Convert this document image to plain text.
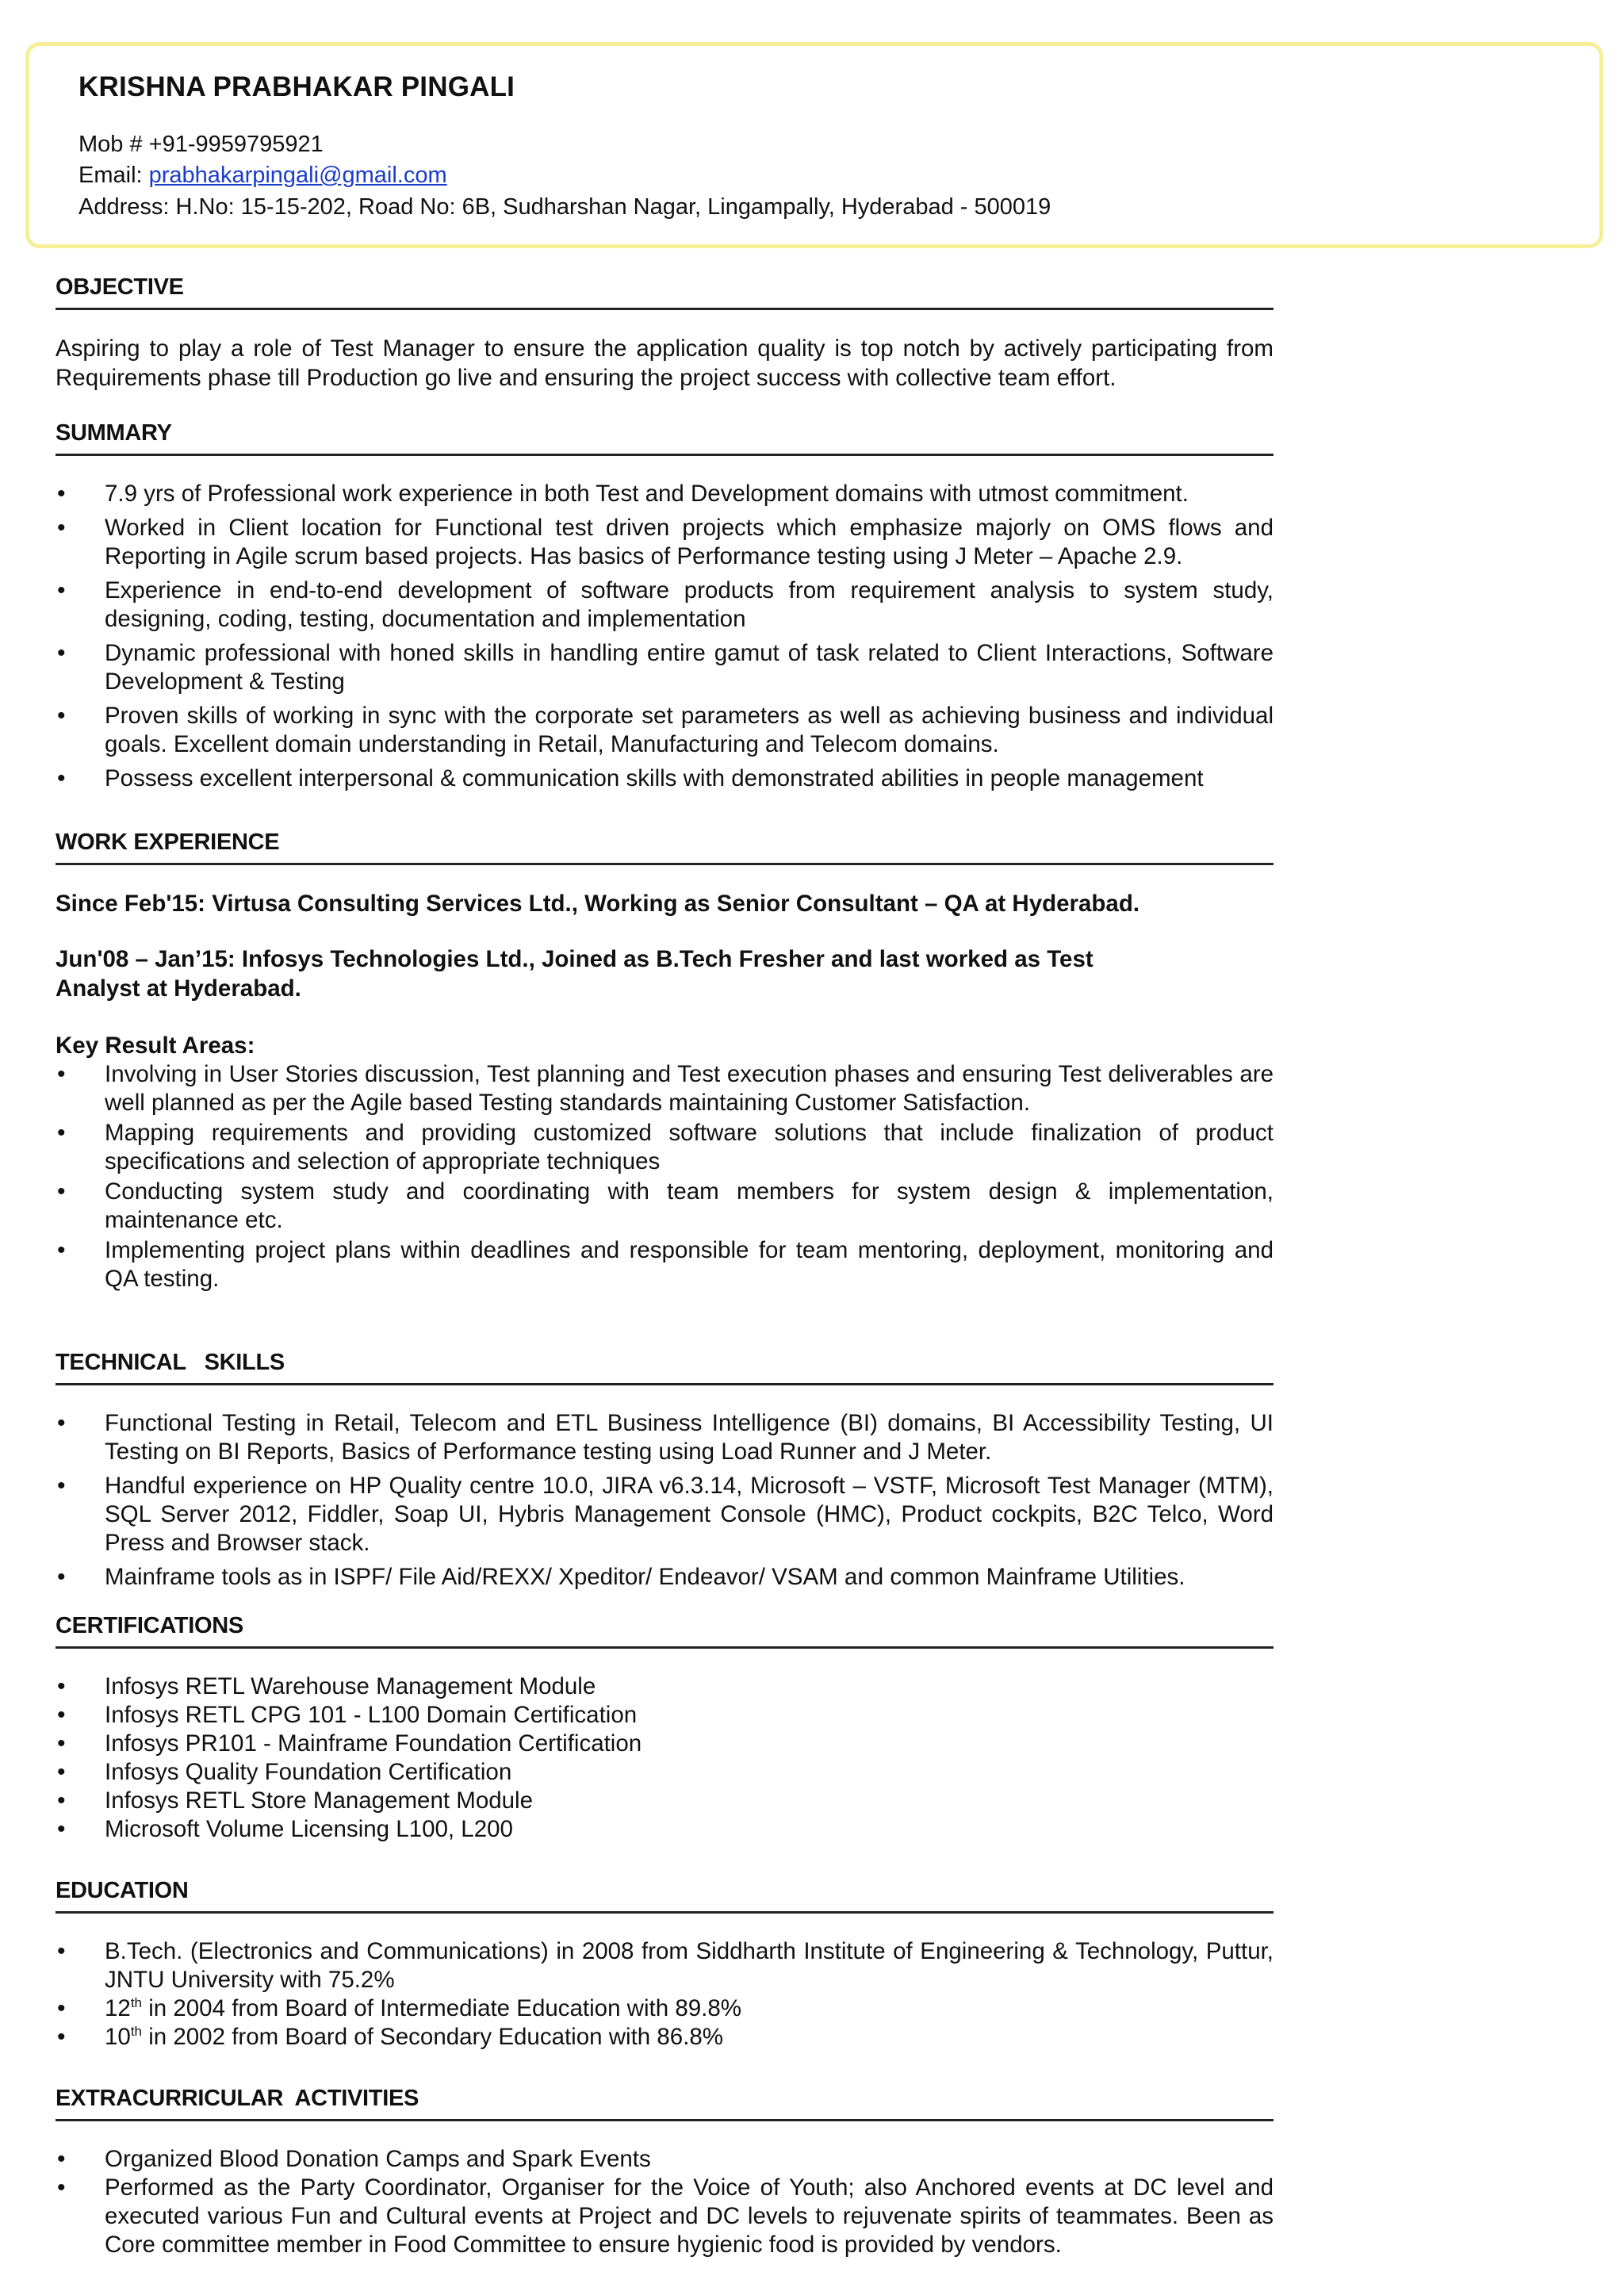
KRISHNA PRABHAKAR PINGALI
Mob # +91-9959795921
Email: prabhakarpingali@gmail.com
Address: H.No: 15-15-202, Road No: 6B, Sudharshan Nagar, Lingampally, Hyderabad - 500019
OBJECTIVE

Aspiring to play a role of Test Manager to ensure the application quality is top notch by actively participating from Requirements phase till Production go live and ensuring the project success with collective team effort.

SUMMARY
• 7.9 yrs of Professional work experience in both Test and Development domains with utmost commitment.
• Worked in Client location for Functional test driven projects which emphasize majorly on OMS flows and Reporting in Agile scrum based projects. Has basics of Performance testing using J Meter – Apache 2.9.
• Experience in end-to-end development of software products from requirement analysis to system study, designing, coding, testing, documentation and implementation
• Dynamic professional with honed skills in handling entire gamut of task related to Client Interactions, Software Development & Testing
• Proven skills of working in sync with the corporate set parameters as well as achieving business and individual goals. Excellent domain understanding in Retail, Manufacturing and Telecom domains.
• Possess excellent interpersonal & communication skills with demonstrated abilities in people management
WORK EXPERIENCE

Since Feb'15: Virtusa Consulting Services Ltd., Working as Senior Consultant – QA at Hyderabad.

Jun'08 – Jan’15: Infosys Technologies Ltd., Joined as B.Tech Fresher and last worked as Test Analyst at Hyderabad.

Key Result Areas:

• Involving in User Stories discussion, Test planning and Test execution phases and ensuring Test deliverables are well planned as per the Agile based Testing standards maintaining Customer Satisfaction.
• Mapping requirements and providing customized software solutions that include finalization of product specifications and selection of appropriate techniques
• Conducting system study and coordinating with team members for system design & implementation, maintenance etc.
• Implementing project plans within deadlines and responsible for team mentoring, deployment, monitoring and QA testing.
TECHNICAL   SKILLS
• Functional Testing in Retail, Telecom and ETL Business Intelligence (BI) domains, BI Accessibility Testing, UI Testing on BI Reports, Basics of Performance testing using Load Runner and J Meter.
• Handful experience on HP Quality centre 10.0, JIRA v6.3.14, Microsoft – VSTF, Microsoft Test Manager (MTM), SQL Server 2012, Fiddler, Soap UI, Hybris Management Console (HMC), Product cockpits, B2C Telco, Word Press and Browser stack.
• Mainframe tools as in ISPF/ File Aid/REXX/ Xpeditor/ Endeavor/ VSAM and common Mainframe Utilities.
CERTIFICATIONS
• Infosys RETL Warehouse Management Module
• Infosys RETL CPG 101 - L100 Domain Certification
• Infosys PR101 - Mainframe Foundation Certification
• Infosys Quality Foundation Certification
• Infosys RETL Store Management Module
• Microsoft Volume Licensing L100, L200
EDUCATION
• B.Tech. (Electronics and Communications) in 2008 from Siddharth Institute of Engineering & Technology, Puttur, JNTU University with 75.2%
• 12th in 2004 from Board of Intermediate Education with 89.8%
• 10th in 2002 from Board of Secondary Education with 86.8%
EXTRACURRICULAR  ACTIVITIES
• Organized Blood Donation Camps and Spark Events
• Performed as the Party Coordinator, Organiser for the Voice of Youth; also Anchored events at DC level and executed various Fun and Cultural events at Project and DC levels to rejuvenate spirits of teammates. Been as Core committee member in Food Committee to ensure hygienic food is provided by vendors.
